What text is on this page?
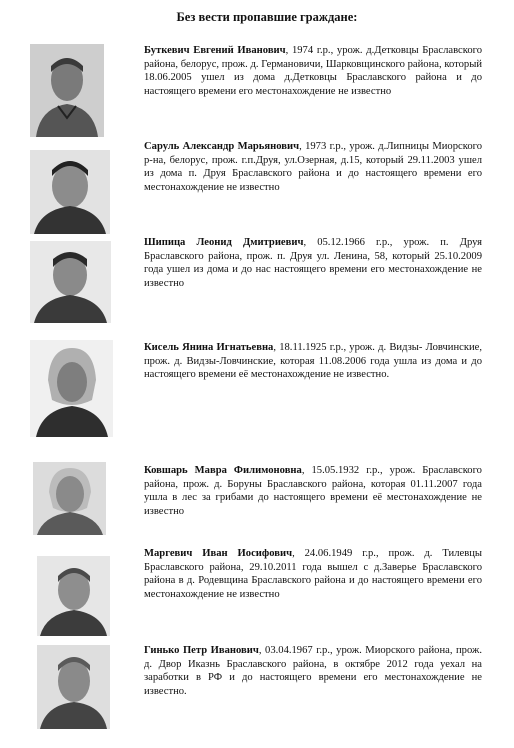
Без вести пропавшие граждане:
Буткевич Евгений Иванович, 1974 г.р., урож. д.Детковцы Браславского района, белорус, прож. д. Германовичи, Шарковщинского района, который 18.06.2005 ушел из дома д.Детковцы Браславского района и до настоящего времени его местонахождение не известно
Саруль Александр Марьянович, 1973 г.р., урож. д.Липницы Миорского р-на, белорус, прож. г.п.Друя, ул.Озерная, д.15, который 29.11.2003 ушел из дома п. Друя Браславского района и до настоящего времени его местонахождение не известно
Шипица Леонид Дмитриевич, 05.12.1966 г.р., урож. п. Друя Браславского района, прож. п. Друя ул. Ленина, 58, который 25.10.2009 года ушел из дома и до нас настоящего времени его местонахождение не известно
Кисель Янина Игнатьевна, 18.11.1925 г.р., урож. д. Видзы- Ловчинские, прож. д. Видзы-Ловчинские, которая 11.08.2006 года ушла из дома и до настоящего времени её местонахождение не известно.
Ковшарь Мавра Филимоновна, 15.05.1932 г.р., урож. Браславского района, прож. д. Боруны Браславского района, которая 01.11.2007 года ушла в лес за грибами до настоящего времени её местонахождение не известно
Маргевич Иван Иосифович, 24.06.1949 г.р., прож. д. Тилевцы Браславского района, 29.10.2011 года вышел с д.Заверье Браславского района в д. Родевщина Браславского района и до настоящего времени его местонахождение не известно
Гинько Петр Иванович, 03.04.1967 г.р., урож. Миорского района, прож. д. Двор Иказнь Браславского района, в октябре 2012 года уехал на заработки в РФ и до настоящего времени его местонахождение не известно.
